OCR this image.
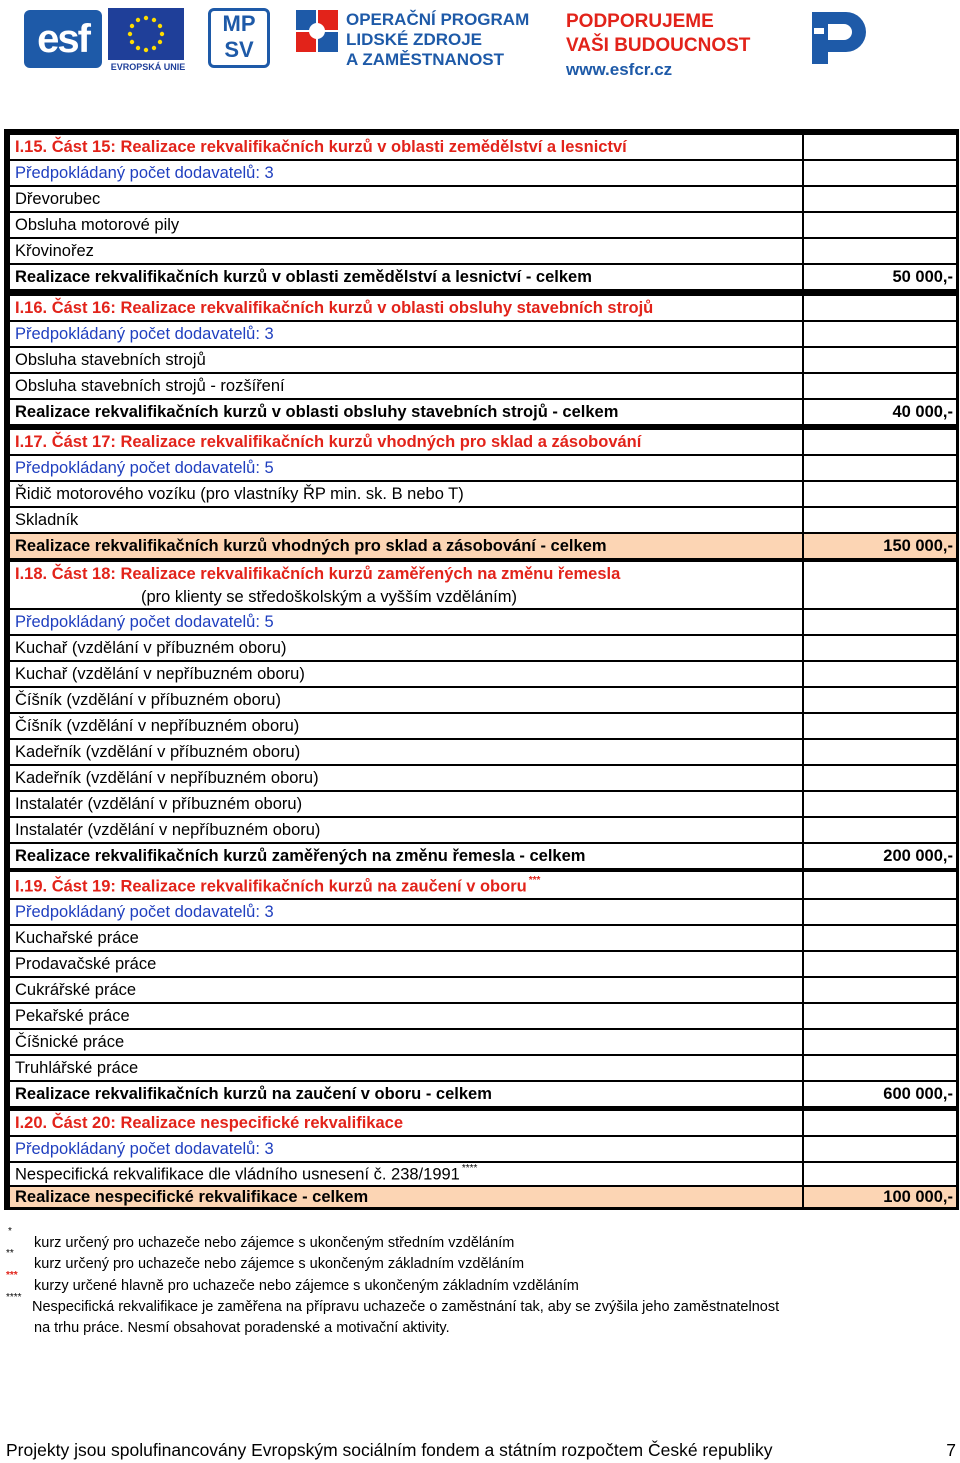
esf
EVROPSKÁ UNIE
MP
SV
OPERAČNÍ PROGRAM
LIDSKÉ ZDROJE
A ZAMĚSTNANOST
PODPORUJEME
VAŠI BUDOUCNOST
www.esfcr.cz
I.15. Část 15: Realizace rekvalifikačních kurzů v oblasti zemědělství a lesnictví
Předpokládaný počet dodavatelů: 3
Dřevorubec
Obsluha motorové pily
Křovinořez
Realizace rekvalifikačních kurzů v oblasti zemědělství a lesnictví - celkem	50 000,-
I.16. Část 16: Realizace rekvalifikačních kurzů v oblasti obsluhy stavebních strojů
Předpokládaný počet dodavatelů: 3
Obsluha stavebních strojů
Obsluha stavebních strojů - rozšíření
Realizace rekvalifikačních kurzů v oblasti obsluhy stavebních strojů - celkem	40 000,-
I.17. Část 17: Realizace rekvalifikačních kurzů vhodných pro sklad a zásobování
Předpokládaný počet dodavatelů: 5
Řidič motorového vozíku (pro vlastníky ŘP min. sk. B nebo T)
Skladník
Realizace rekvalifikačních kurzů vhodných pro sklad a zásobování - celkem	150 000,-
I.18. Část 18: Realizace rekvalifikačních kurzů zaměřených na změnu řemesla
(pro klienty se středoškolským a vyšším vzděláním)
Předpokládaný počet dodavatelů: 5
Kuchař (vzdělání v příbuzném oboru)
Kuchař (vzdělání v nepříbuzném oboru)
Číšník (vzdělání v příbuzném oboru)
Číšník (vzdělání v nepříbuzném oboru)
Kadeřník (vzdělání v příbuzném oboru)
Kadeřník (vzdělání v nepříbuzném oboru)
Instalatér (vzdělání v příbuzném oboru)
Instalatér (vzdělání v nepříbuzném oboru)
Realizace rekvalifikačních kurzů zaměřených na změnu řemesla - celkem	200 000,-
I.19. Část 19: Realizace rekvalifikačních kurzů na zaučení v oboru ***
Předpokládaný počet dodavatelů: 3
Kuchařské práce
Prodavačské práce
Cukrářské práce
Pekařské práce
Číšnické práce
Truhlářské práce
Realizace rekvalifikačních kurzů na zaučení v oboru - celkem	600 000,-
I.20. Část 20: Realizace nespecifické rekvalifikace
Předpokládaný počet dodavatelů: 3
Nespecifická rekvalifikace dle vládního usnesení č. 238/1991 ****
Realizace nespecifické rekvalifikace - celkem	100 000,-
*
kurz určený pro uchazeče nebo zájemce s ukončeným středním vzděláním
**
kurz určený pro uchazeče nebo zájemce s ukončeným základním vzděláním
***
kurzy určené hlavně pro uchazeče nebo zájemce s ukončeným základním vzděláním
****
Nespecifická rekvalifikace je zaměřena na přípravu uchazeče o zaměstnání tak, aby se zvýšila jeho zaměstnatelnost
na trhu práce. Nesmí obsahovat poradenské a motivační aktivity.
Projekty jsou spolufinancovány Evropským sociálním fondem a státním rozpočtem České republiky	7
